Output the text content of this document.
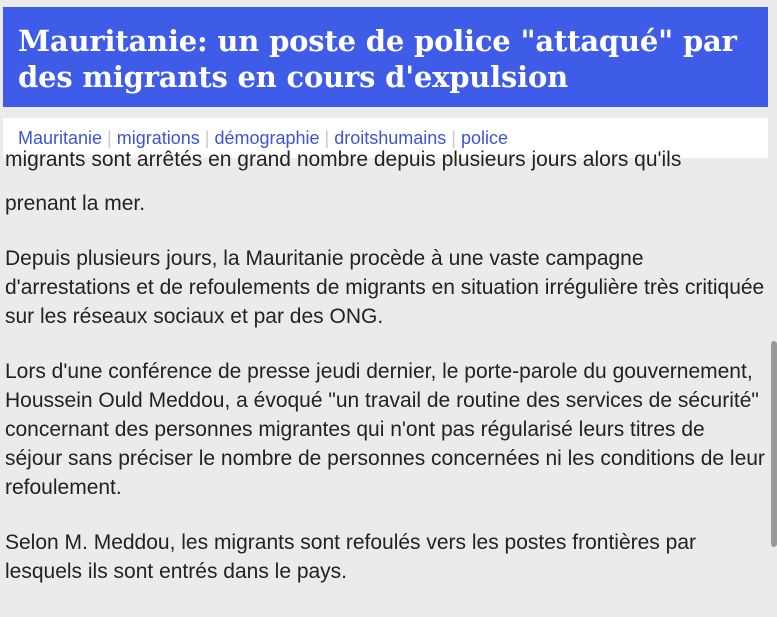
Mauritanie: un poste de police "attaqué" par des migrants en cours d'expulsion
Mauritanie | migrations | démographie | droitshumains | police
migrants sont arrêtés en grand nombre depuis plusieurs jours alors qu'ils

prenant la mer.

Depuis plusieurs jours, la Mauritanie procède à une vaste campagne d'arrestations et de refoulements de migrants en situation irrégulière très critiquée sur les réseaux sociaux et par des ONG.

Lors d'une conférence de presse jeudi dernier, le porte-parole du gouvernement, Houssein Ould Meddou, a évoqué "un travail de routine des services de sécurité" concernant des personnes migrantes qui n'ont pas régularisé leurs titres de séjour sans préciser le nombre de personnes concernées ni les conditions de leur refoulement.

Selon M. Meddou, les migrants sont refoulés vers les postes frontières par lesquels ils sont entrés dans le pays.
